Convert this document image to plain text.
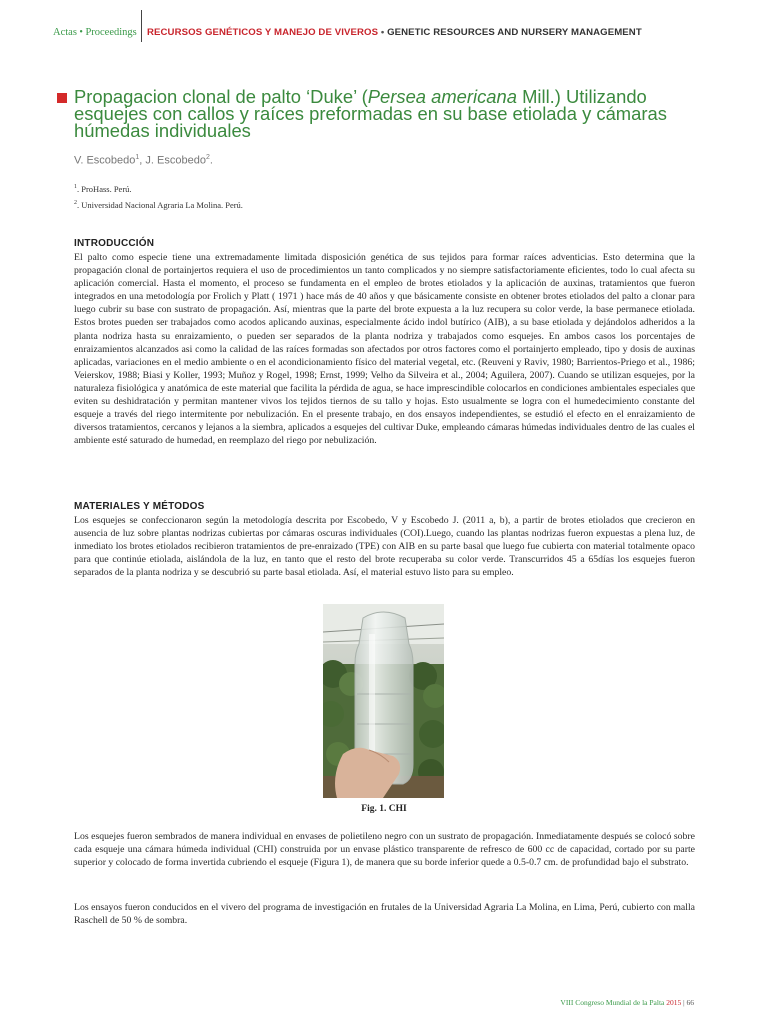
Actas • Proceedings RECURSOS GENÉTICOS Y MANEJO DE VIVEROS • GENETIC RESOURCES AND NURSERY MANAGEMENT
Propagacion clonal de palto ‘Duke’ (Persea americana Mill.) Utilizando esquejes con callos y raíces preformadas en su base etiolada y cámaras húmedas individuales
V. Escobedo$^1$, J. Escobedo$^2$.
$^1$. ProHass. Perú.
$^2$. Universidad Nacional Agraria La Molina. Perú.
INTRODUCCIÓN

El palto como especie tiene una extremadamente limitada disposición genética de sus tejidos para formar raíces adventicias. Esto determina que la propagación clonal de portainjertos requiera el uso de procedimientos un tanto complicados y no siempre satisfactoriamente eficientes, todo lo cual afecta su aplicación comercial. Hasta el momento, el proceso se fundamenta en el empleo de brotes etiolados y la aplicación de auxinas, tratamientos que fueron integrados en una metodología por Frolich y Platt ( 1971 ) hace más de 40 años y que básicamente consiste en obtener brotes etiolados del palto a clonar para luego cubrir su base con sustrato de propagación. Así, mientras que la parte del brote expuesta a la luz recupera su color verde, la base permanece etiolada. Estos brotes pueden ser trabajados como acodos aplicando auxinas, especialmente ácido indol butírico (AIB), a su base etiolada y dejándolos adheridos a la planta nodriza hasta su enraizamiento, o pueden ser separados de la planta nodriza y trabajados como esquejes. En ambos casos los porcentajes de enraizamientos alcanzados asi como la calidad de las raíces formadas son afectados por otros factores como el portainjerto empleado, tipo y dosis de auxinas aplicadas, variaciones en el medio ambiente o en el acondicionamiento físico del material vegetal, etc. (Reuveni y Raviv, 1980; Barrientos-Priego et al., 1986; Veierskov, 1988; Biasi y Koller, 1993; Muñoz y Rogel, 1998; Ernst, 1999; Velho da Silveira et al., 2004; Aguilera, 2007). Cuando se utilizan esquejes, por la naturaleza fisiológica y anatómica de este material que facilita la pérdida de agua, se hace imprescindible colocarlos en condiciones ambientales especiales que eviten su deshidratación y permitan mantener vivos los tejidos tiernos de su tallo y hojas. Esto usualmente se logra con el humedecimiento constante del esqueje a través del riego intermitente por nebulización. En el presente trabajo, en dos ensayos independientes, se estudió el efecto en el enraizamiento de diversos tratamientos, cercanos y lejanos a la siembra, aplicados a esquejes del cultivar Duke, empleando cámaras húmedas individuales dentro de las cuales el ambiente esté saturado de humedad, en reemplazo del riego por nebulización.

MATERIALES Y MÉTODOS

Los esquejes se confeccionaron según la metodología descrita por Escobedo, V y Escobedo J. (2011 a, b), a partir de brotes etiolados que crecieron en ausencia de luz sobre plantas nodrizas cubiertas por cámaras oscuras individuales (COI).Luego, cuando las plantas nodrizas fueron expuestas a plena luz, de inmediato los brotes etiolados recibieron tratamientos de pre-enraizado (TPE) con AIB en su parte basal que luego fue cubierta con material totalmente opaco para que continúe etiolada, aislándola de la luz, en tanto que el resto del brote recuperaba su color verde. Transcurridos 45 a 65días los esquejes fueron separados de la planta nodriza y se descubrió su parte basal etiolada. Así, el material estuvo listo para su empleo.

Fig. 1. CHI

Los esquejes fueron sembrados de manera individual en envases de polietileno negro con un sustrato de propagación. Inmediatamente después se colocó sobre cada esqueje una cámara húmeda individual (CHI) construida por un envase plástico transparente de refresco de 600 cc de capacidad, cortado por su parte superior y colocado de forma invertida cubriendo el esqueje (Figura 1), de manera que su borde inferior quede a 0.5-0.7 cm. de profundidad bajo el substrato.

Los ensayos fueron conducidos en el vivero del programa de investigación en frutales de la Universidad Agraria La Molina, en Lima, Perú, cubierto con malla Raschell de 50 % de sombra.

VIII Congreso Mundial de la Palta 2015 | 66
